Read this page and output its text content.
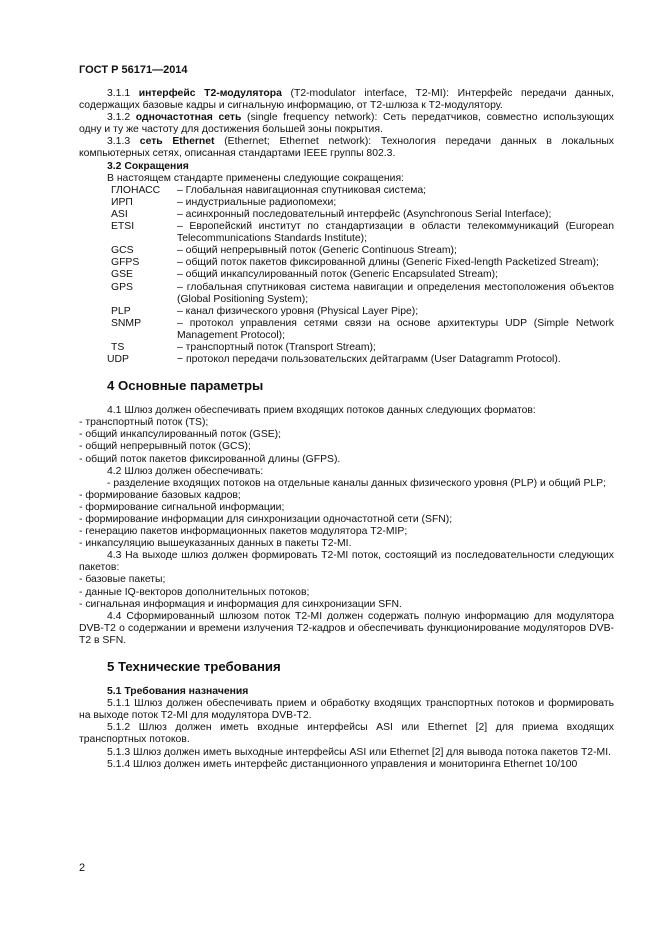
ГОСТ Р 56171—2014

3.1.1 интерфейс Т2-модулятора (T2-modulator interface, T2-MI): Интерфейс передачи данных, содержащих базовые кадры и сигнальную информацию, от Т2-шлюза к Т2-модулятору.

3.1.2 одночастотная сеть (single frequency network): Сеть передатчиков, совместно использующих одну и ту же частоту для достижения большей зоны покрытия.

3.1.3 сеть Ethernet (Ethernet; Ethernet network): Технология передачи данных в локальных компьютерных сетях, описанная стандартами IEEE группы 802.3.

3.2 Сокращения

В настоящем стандарте применены следующие сокращения:

ГЛОНАСС	– Глобальная навигационная спутниковая система;
ИРП	– индустриальные радиопомехи;
ASI	– асинхронный последовательный интерфейс (Asynchronous Serial Interface);
ETSI	– Европейский институт по стандартизации в области телекоммуникаций (European Telecommunications Standards Institute);
GCS	– общий непрерывный поток (Generic Continuous Stream);
GFPS	– общий поток пакетов фиксированной длины (Generic Fixed-length Packetized Stream);
GSE	– общий инкапсулированный поток (Generic Encapsulated Stream);
GPS	– глобальная спутниковая система навигации и определения местоположения объектов (Global Positioning System);
PLP	– канал физического уровня (Physical Layer Pipe);
SNMP	– протокол управления сетями связи на основе архитектуры UDP (Simple Network Management Protocol);
TS	– транспортный поток (Transport Stream);
UDP	− протокол передачи пользовательских дейтаграмм (User Datagramm Protocol).
4 Основные параметры

4.1 Шлюз должен обеспечивать прием входящих потоков данных следующих форматов:

- транспортный поток (TS);
- общий инкапсулированный поток (GSE);
- общий непрерывный поток (GCS);
- общий поток пакетов фиксированной длины (GFPS).

4.2 Шлюз должен обеспечивать:

- разделение входящих потоков на отдельные каналы данных физического уровня (PLP) и общий PLP;

- формирование базовых кадров;
- формирование сигнальной информации;
- формирование информации для синхронизации одночастотной сети (SFN);
- генерацию пакетов информационных пакетов модулятора T2-MIP;
- инкапсуляцию вышеуказанных данных в пакеты T2-MI.

4.3 На выходе шлюз должен формировать T2-MI поток, состоящий из последовательности следующих пакетов:

- базовые пакеты;
- данные IQ-векторов дополнительных потоков;
- сигнальная информация и информация для синхронизации SFN.

4.4 Сформированный шлюзом поток T2-MI должен содержать полную информацию для модулятора DVB-T2 о содержании и времени излучения Т2-кадров и обеспечивать функционирование модуляторов DVB-T2 в SFN.

5 Технические требования
5.1 Требования назначения

5.1.1 Шлюз должен обеспечивать прием и обработку входящих транспортных потоков и формировать на выходе поток T2-MI для модулятора DVB-T2.

5.1.2 Шлюз должен иметь входные интерфейсы ASI или Ethernet [2] для приема входящих транспортных потоков.

5.1.3 Шлюз должен иметь выходные интерфейсы ASI или Ethernet [2] для вывода потока пакетов T2-MI.

5.1.4 Шлюз должен иметь интерфейс дистанционного управления и мониторинга Ethernet 10/100

2
